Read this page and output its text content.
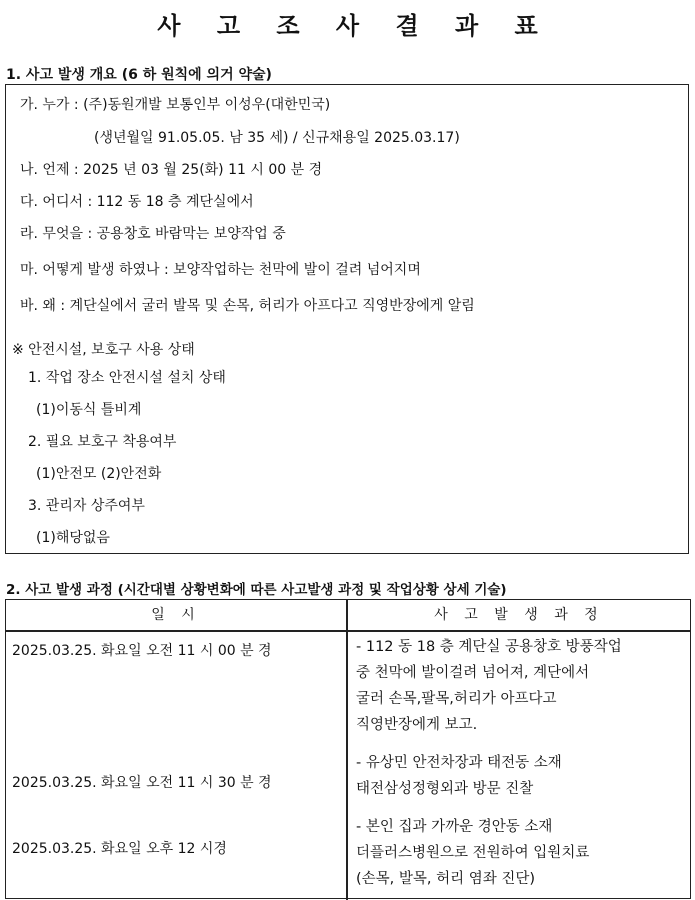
사 고 조 사 결 과 표
1. 사고 발생 개요 (6 하 원칙에 의거 약술)
가. 누가 : (주)동원개발 보통인부 이성우(대한민국)
(생년월일 91.05.05. 남 35 세) / 신규채용일 2025.03.17)
나. 언제 : 2025 년 03 월 25(화) 11 시 00 분 경
다. 어디서 : 112 동 18 층 계단실에서
라. 무엇을 : 공용창호 바람막는 보양작업 중
마. 어떻게 발생 하였나 : 보양작업하는 천막에 발이 걸려 넘어지며
바. 왜 : 계단실에서 굴러 발목 및 손목, 허리가 아프다고 직영반장에게 알림
※ 안전시설, 보호구 사용 상태
1. 작업 장소 안전시설 설치 상태
(1)이동식 틀비계
2. 필요 보호구 착용여부
(1)안전모 (2)안전화
3. 관리자 상주여부
(1)해당없음
2. 사고 발생 과정 (시간대별 상황변화에 따른 사고발생 과정 및 작업상황 상세 기술)
일 시	사 고 발 생 과 정
2025.03.25. 화요일 오전 11 시 00 분 경	- 112 동 18 층 계단실 공용창호 방풍작업
중 천막에 발이걸려 넘어져, 계단에서
굴러 손목,팔목,허리가 아프다고
직영반장에게 보고.
2025.03.25. 화요일 오전 11 시 30 분 경
- 유상민 안전차장과 태전동 소재
태전삼성정형외과 방문 진찰
2025.03.25. 화요일 오후 12 시경
- 본인 집과 가까운 경안동 소재
더플러스병원으로 전원하여 입원치료
(손목, 발목, 허리 염좌 진단)
